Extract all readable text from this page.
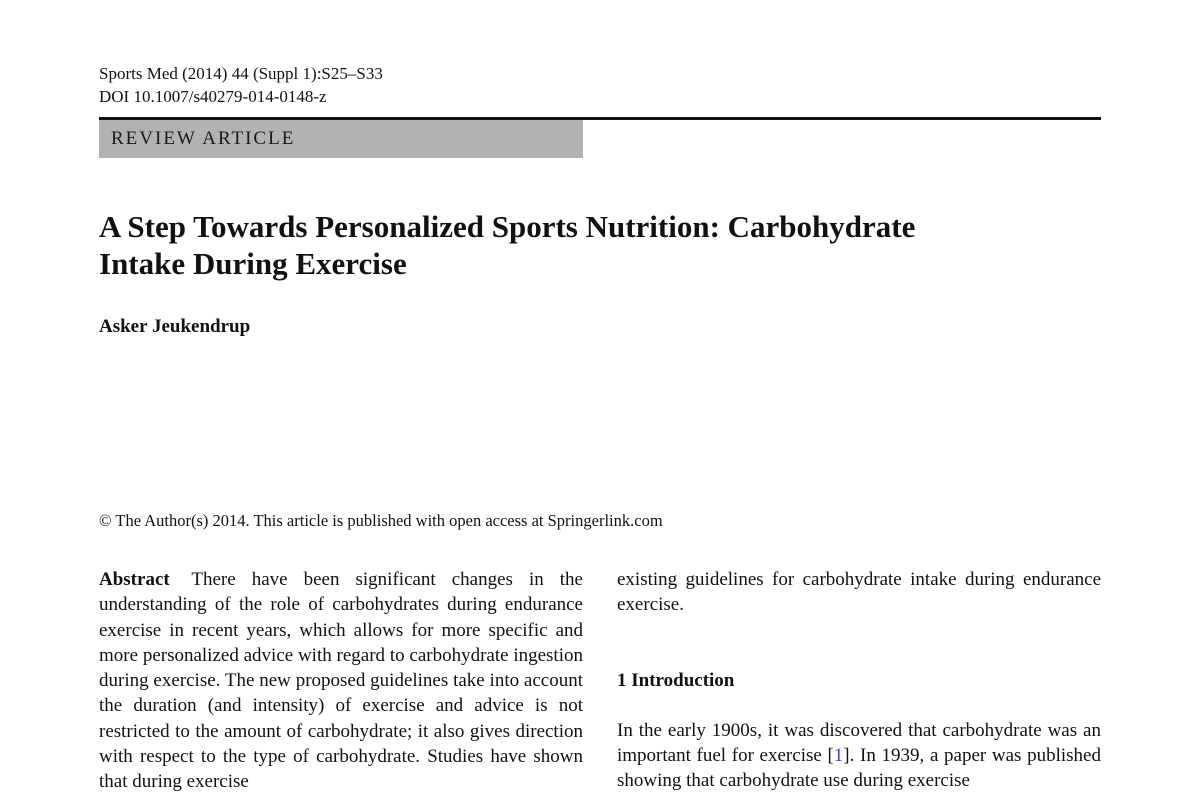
Sports Med (2014) 44 (Suppl 1):S25–S33
DOI 10.1007/s40279-014-0148-z
REVIEW ARTICLE
A Step Towards Personalized Sports Nutrition: Carbohydrate
Intake During Exercise
Asker Jeukendrup
© The Author(s) 2014. This article is published with open access at Springerlink.com

Abstract There have been significant changes in the understanding of the role of carbohydrates during endurance exercise in recent years, which allows for more specific and more personalized advice with regard to carbohydrate ingestion during exercise. The new proposed guidelines take into account the duration (and intensity) of exercise and advice is not restricted to the amount of carbohydrate; it also gives direction with respect to the type of carbohydrate. Studies have shown that during exercise

existing guidelines for carbohydrate intake during endurance exercise.

1 Introduction

In the early 1900s, it was discovered that carbohydrate was an important fuel for exercise [1]. In 1939, a paper was published showing that carbohydrate use during exercise
